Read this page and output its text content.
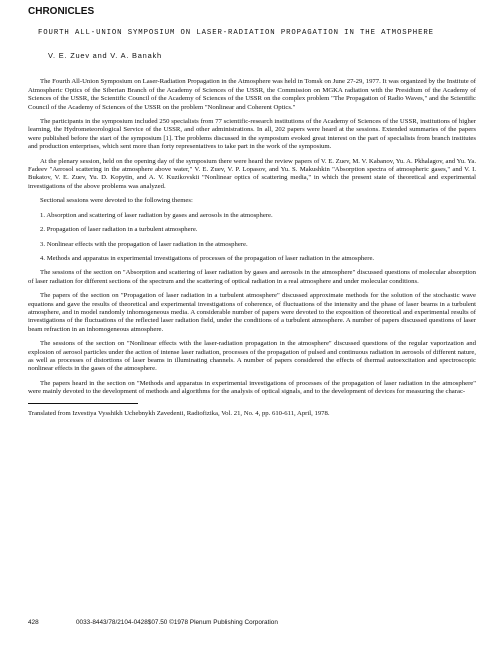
CHRONICLES
FOURTH ALL-UNION SYMPOSIUM ON LASER-RADIATION PROPAGATION IN THE ATMOSPHERE
V. E. Zuev and V. A. Banakh

The Fourth All-Union Symposium on Laser-Radiation Propagation in the Atmosphere was held in Tomsk on June 27-29, 1977. It was organized by the Institute of Atmospheric Optics of the Siberian Branch of the Academy of Sciences of the USSR, the Commission on MGKA radiation with the Presidium of the Academy of Sciences of the USSR, the Scientific Council of the Academy of Sciences of the USSR on the complex problem "The Propagation of Radio Waves," and the Scientific Council of the Academy of Sciences of the USSR on the problem "Nonlinear and Coherent Optics."

The participants in the symposium included 250 specialists from 77 scientific-research institutions of the Academy of Sciences of the USSR, institutions of higher learning, the Hydrometeorological Service of the USSR, and other administrations. In all, 202 papers were heard at the sessions. Extended summaries of the papers were published before the start of the symposium [1]. The problems discussed in the symposium evoked great interest on the part of specialists from branch institutes and production enterprises, which sent more than forty representatives to take part in the work of the symposium.

At the plenary session, held on the opening day of the symposium there were heard the review papers of V. E. Zuev, M. V. Kabanov, Yu. A. Pkhalagov, and Yu. Ya. Fadeev "Aerosol scattering in the atmosphere above water," V. E. Zuev, V. P. Lopasov, and Yu. S. Makushkin "Absorption spectra of atmospheric gases," and V. I. Bukatov, V. E. Zuev, Yu. D. Kopytin, and A. V. Kuzikovskii "Nonlinear optics of scattering media," in which the present state of theoretical and experimental investigations of the above problems was analyzed.

Sectional sessions were devoted to the following themes:

1. Absorption and scattering of laser radiation by gases and aerosols in the atmosphere.
2. Propagation of laser radiation in a turbulent atmosphere.
3. Nonlinear effects with the propagation of laser radiation in the atmosphere.
4. Methods and apparatus in experimental investigations of processes of the propagation of laser radiation in the atmosphere.

The sessions of the section on "Absorption and scattering of laser radiation by gases and aerosols in the atmosphere" discussed questions of molecular absorption of laser radiation for different sections of the spectrum and the scattering of optical radiation in a real atmosphere and under molecular conditions.

The papers of the section on "Propagation of laser radiation in a turbulent atmosphere" discussed approximate methods for the solution of the stochastic wave equations and gave the results of theoretical and experimental investigations of coherence, of fluctuations of the intensity and the phase of laser beams in a turbulent atmosphere, and in model randomly inhomogeneous media. A considerable number of papers were devoted to the exposition of theoretical and experimental results of investigations of the fluctuations of the reflected laser radiation field, under the conditions of a turbulent atmosphere. A number of papers discussed questions of laser beam refraction in an inhomogeneous atmosphere.

The sessions of the section on "Nonlinear effects with the laser-radiation propagation in the atmosphere" discussed questions of the regular vaporization and explosion of aerosol particles under the action of intense laser radiation, processes of the propagation of pulsed and continuous radiation in aerosols of different nature, as well as processes of distortions of laser beams in illuminating channels. A number of papers considered the effects of thermal autoexcitation and spectroscopic nonlinear effects in the gases of the atmosphere.

The papers heard in the section on "Methods and apparatus in experimental investigations of processes of the propagation of laser radiation in the atmosphere" were mainly devoted to the development of methods and algorithms for the analysis of optical signals, and to the development of devices for measuring the charac-

Translated from Izvestiya Vysshikh Uchebnykh Zavedenii, Radiofizika, Vol. 21, No. 4, pp. 610-611, April, 1978.

428	0033-8443/78/2104-0428$07.50 ©1978 Plenum Publishing Corporation
